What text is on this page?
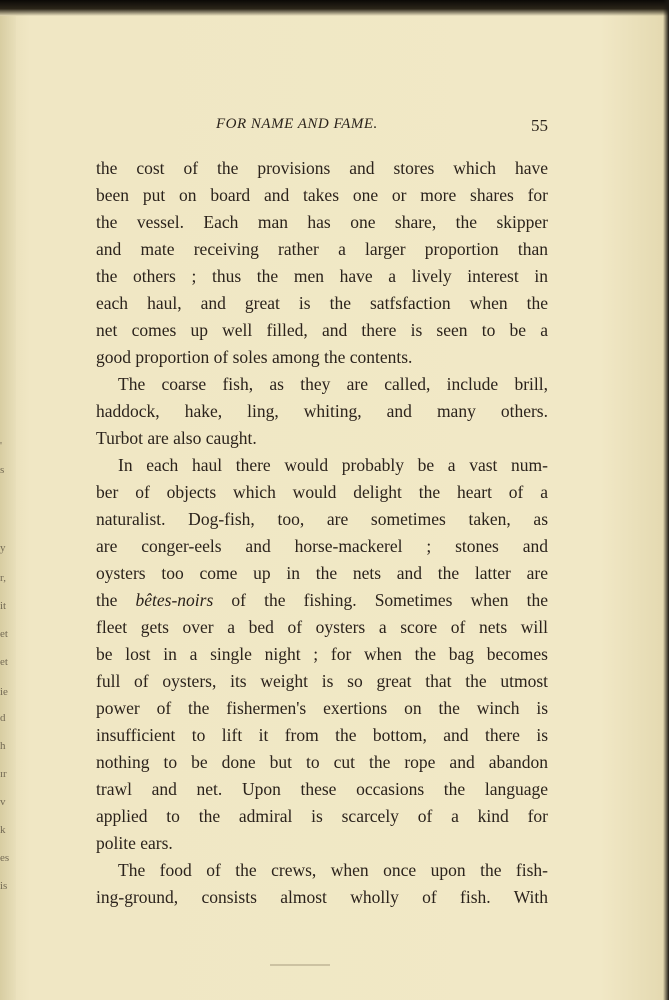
'
s
y
r,
it
et
et
ie
d
h
ɪr
v
k
es
is
FOR NAME AND FAME.	55
the cost of the provisions and stores which have
been put on board and takes one or more shares for
the vessel. Each man has one share, the skipper
and mate receiving rather a larger proportion than
the others ; thus the men have a lively interest in
each haul, and great is the satfsfaction when the
net comes up well filled, and there is seen to be a
good proportion of soles among the contents.
The coarse fish, as they are called, include brill,
haddock, hake, ling, whiting, and many others.
Turbot are also caught.
In each haul there would probably be a vast num-
ber of objects which would delight the heart of a
naturalist. Dog-fish, too, are sometimes taken, as
are conger-eels and horse-mackerel ; stones and
oysters too come up in the nets and the latter are
the bêtes-noirs of the fishing. Sometimes when the
fleet gets over a bed of oysters a score of nets will
be lost in a single night ; for when the bag becomes
full of oysters, its weight is so great that the utmost
power of the fishermen's exertions on the winch is
insufficient to lift it from the bottom, and there is
nothing to be done but to cut the rope and abandon
trawl and net. Upon these occasions the language
applied to the admiral is scarcely of a kind for
polite ears.
The food of the crews, when once upon the fish-
ing-ground, consists almost wholly of fish. With
